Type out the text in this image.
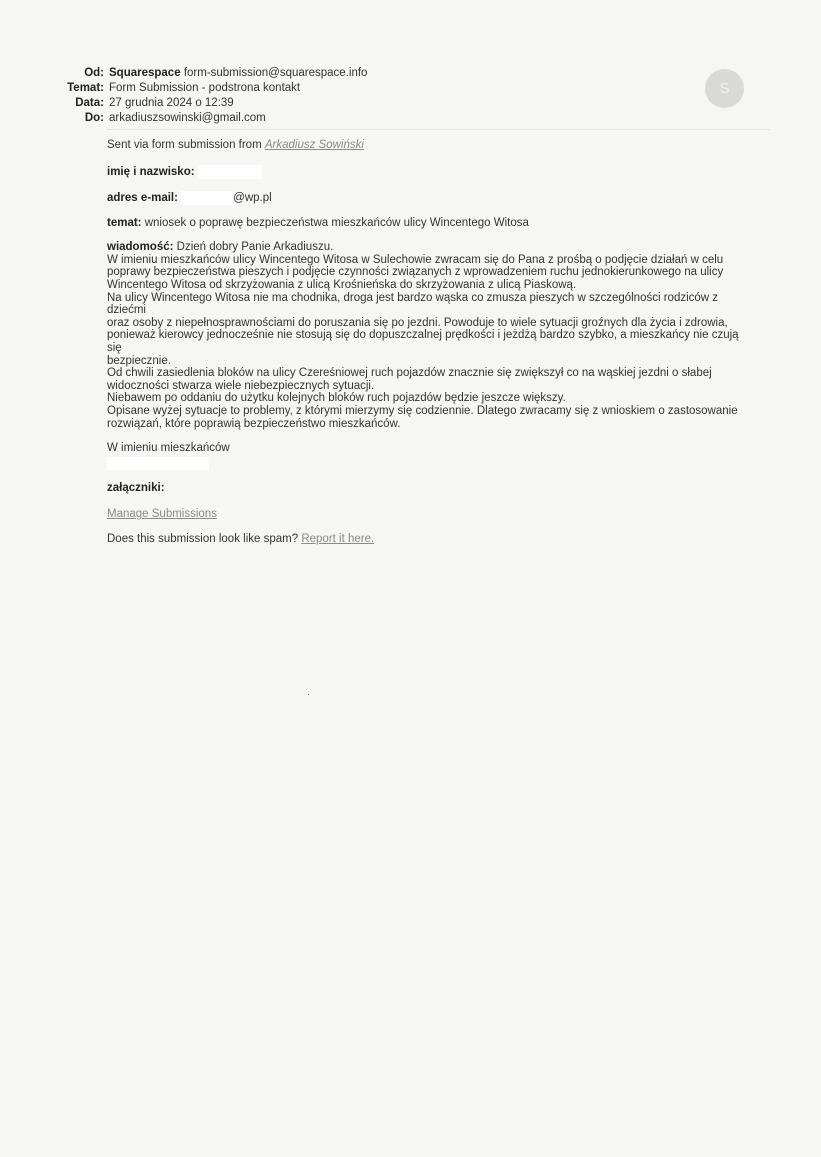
Od: Squarespace form-submission@squarespace.info
Temat: Form Submission - podstrona kontakt
Data: 27 grudnia 2024 o 12:39
Do: arkadiuszsowinski@gmail.com
S

Sent via form submission from Arkadiusz Sowiński

imię i nazwisko:

adres e-mail:	@wp.pl

temat: wniosek o poprawę bezpieczeństwa mieszkańców ulicy Wincentego Witosa

wiadomość: Dzień dobry Panie Arkadiuszu.
W imieniu mieszkańców ulicy Wincentego Witosa w Sulechowie zwracam się do Pana z prośbą o podjęcie działań w celu
poprawy bezpieczeństwa pieszych i podjęcie czynności związanych z wprowadzeniem ruchu jednokierunkowego na ulicy
Wincentego Witosa od skrzyżowania z ulicą Krośnieńska do skrzyżowania z ulicą Piaskową.
Na ulicy Wincentego Witosa nie ma chodnika, droga jest bardzo wąska co zmusza pieszych w szczególności rodziców z dziećmi
oraz osoby z niepełnosprawnościami do poruszania się po jezdni. Powoduje to wiele sytuacji groźnych dla życia i zdrowia,
ponieważ kierowcy jednocześnie nie stosują się do dopuszczalnej prędkości i jeżdżą bardzo szybko, a mieszkańcy nie czują się
bezpiecznie.
Od chwili zasiedlenia bloków na ulicy Czereśniowej ruch pojazdów znacznie się zwiększył co na wąskiej jezdni o słabej
widoczności stwarza wiele niebezpiecznych sytuacji.
Niebawem po oddaniu do użytku kolejnych bloków ruch pojazdów będzie jeszcze większy.
Opisane wyżej sytuacje to problemy, z którymi mierzymy się codziennie. Dlatego zwracamy się z wnioskiem o zastosowanie
rozwiązań, które poprawią bezpieczeństwo mieszkańców.
W imieniu mieszkańców

załączniki:

Manage Submissions

Does this submission look like spam? Report it here.
